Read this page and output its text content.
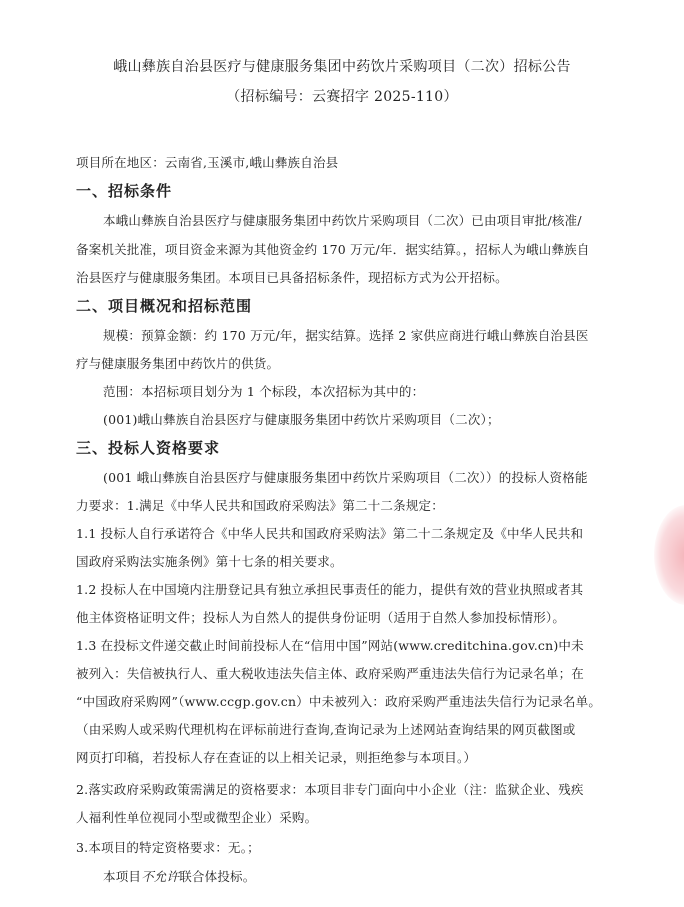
峨山彝族自治县医疗与健康服务集团中药饮片采购项目（二次）招标公告
（招标编号：云赛招字 2025-110）
项目所在地区：云南省,玉溪市,峨山彝族自治县
一、招标条件
本峨山彝族自治县医疗与健康服务集团中药饮片采购项目（二次）已由项目审批/核准/
备案机关批准，项目资金来源为其他资金约 170 万元/年．据实结算。，招标人为峨山彝族自
治县医疗与健康服务集团。本项目已具备招标条件，现招标方式为公开招标。
二、项目概况和招标范围
规模：预算金额：约 170 万元/年，据实结算。选择 2 家供应商进行峨山彝族自治县医
疗与健康服务集团中药饮片的供货。
范围：本招标项目划分为 1 个标段，本次招标为其中的：
(001)峨山彝族自治县医疗与健康服务集团中药饮片采购项目（二次）；
三、投标人资格要求
(001 峨山彝族自治县医疗与健康服务集团中药饮片采购项目（二次））的投标人资格能
力要求：1.满足《中华人民共和国政府采购法》第二十二条规定：
1.1 投标人自行承诺符合《中华人民共和国政府采购法》第二十二条规定及《中华人民共和
国政府采购法实施条例》第十七条的相关要求。
1.2 投标人在中国境内注册登记具有独立承担民事责任的能力，提供有效的营业执照或者其
他主体资格证明文件；投标人为自然人的提供身份证明（适用于自然人参加投标情形）。
1.3 在投标文件递交截止时间前投标人在“信用中国”网站(www.creditchina.gov.cn)中未
被列入：失信被执行人、重大税收违法失信主体、政府采购严重违法失信行为记录名单；在
“中国政府采购网”（www.ccgp.gov.cn）中未被列入：政府采购严重违法失信行为记录名单。
（由采购人或采购代理机构在评标前进行查询,查询记录为上述网站查询结果的网页截图或
网页打印稿，若投标人存在查证的以上相关记录，则拒绝参与本项目。）
2.落实政府采购政策需满足的资格要求：本项目非专门面向中小企业（注：监狱企业、残疾
人福利性单位视同小型或微型企业）采购。
3.本项目的特定资格要求：无。；
本项目不允许联合体投标。
